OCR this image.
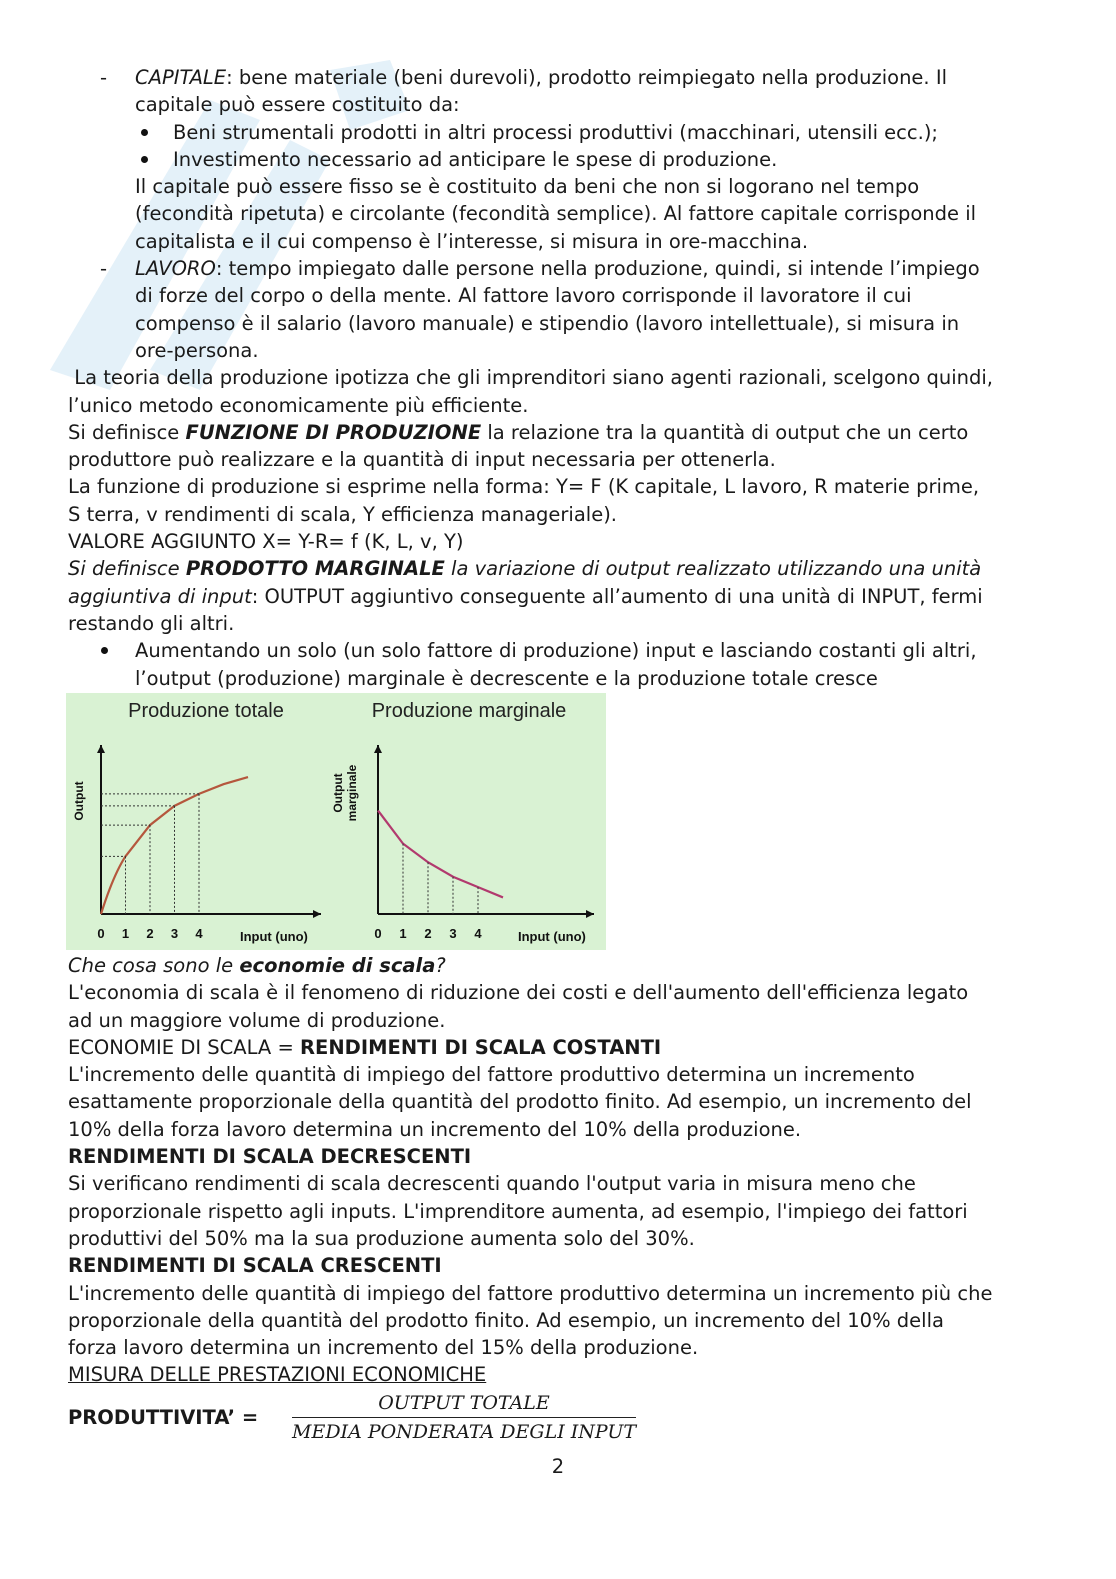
- CAPITALE: bene materiale (beni durevoli), prodotto reimpiegato nella produzione. Il
capitale può essere costituito da:
Beni strumentali prodotti in altri processi produttivi (macchinari, utensili ecc.);
Investimento necessario ad anticipare le spese di produzione.
Il capitale può essere fisso se è costituito da beni che non si logorano nel tempo
(fecondità ripetuta) e circolante (fecondità semplice). Al fattore capitale corrisponde il
capitalista e il cui compenso è l’interesse, si misura in ore-macchina.
- LAVORO: tempo impiegato dalle persone nella produzione, quindi, si intende l’impiego
di forze del corpo o della mente. Al fattore lavoro corrisponde il lavoratore il cui
compenso è il salario (lavoro manuale) e stipendio (lavoro intellettuale), si misura in
ore-persona.
La teoria della produzione ipotizza che gli imprenditori siano agenti razionali, scelgono quindi,
l’unico metodo economicamente più efficiente.
Si definisce FUNZIONE DI PRODUZIONE la relazione tra la quantità di output che un certo
produttore può realizzare e la quantità di input necessaria per ottenerla.
La funzione di produzione si esprime nella forma: Y= F (K capitale, L lavoro, R materie prime,
S terra, v rendimenti di scala, Y efficienza manageriale).
VALORE AGGIUNTO X= Y-R= f (K, L, v, Y)
Si definisce PRODOTTO MARGINALE la variazione di output realizzato utilizzando una unità
aggiuntiva di input: OUTPUT aggiuntivo conseguente all’aumento di una unità di INPUT, fermi
restando gli altri.
Aumentando un solo (un solo fattore di produzione) input e lasciando costanti gli altri,
l’output (produzione) marginale è decrescente e la produzione totale cresce
Produzione totale
Output
0 1 2 3 4	Input (uno)
Produzione marginale
Output marginale
0 1 2 3 4	Input (uno)
Che cosa sono le economie di scala?
L'economia di scala è il fenomeno di riduzione dei costi e dell'aumento dell'efficienza legato
ad un maggiore volume di produzione.
ECONOMIE DI SCALA = RENDIMENTI DI SCALA COSTANTI
L'incremento delle quantità di impiego del fattore produttivo determina un incremento
esattamente proporzionale della quantità del prodotto finito. Ad esempio, un incremento del
10% della forza lavoro determina un incremento del 10% della produzione.
RENDIMENTI DI SCALA DECRESCENTI
Si verificano rendimenti di scala decrescenti quando l'output varia in misura meno che
proporzionale rispetto agli inputs. L'imprenditore aumenta, ad esempio, l'impiego dei fattori
produttivi del 50% ma la sua produzione aumenta solo del 30%.
RENDIMENTI DI SCALA CRESCENTI
L'incremento delle quantità di impiego del fattore produttivo determina un incremento più che
proporzionale della quantità del prodotto finito. Ad esempio, un incremento del 10% della
forza lavoro determina un incremento del 15% della produzione.
MISURA DELLE PRESTAZIONI ECONOMICHE
PRODUTTIVITA’ =
OUTPUT TOTALE
MEDIA PONDERATA DEGLI INPUT
2
